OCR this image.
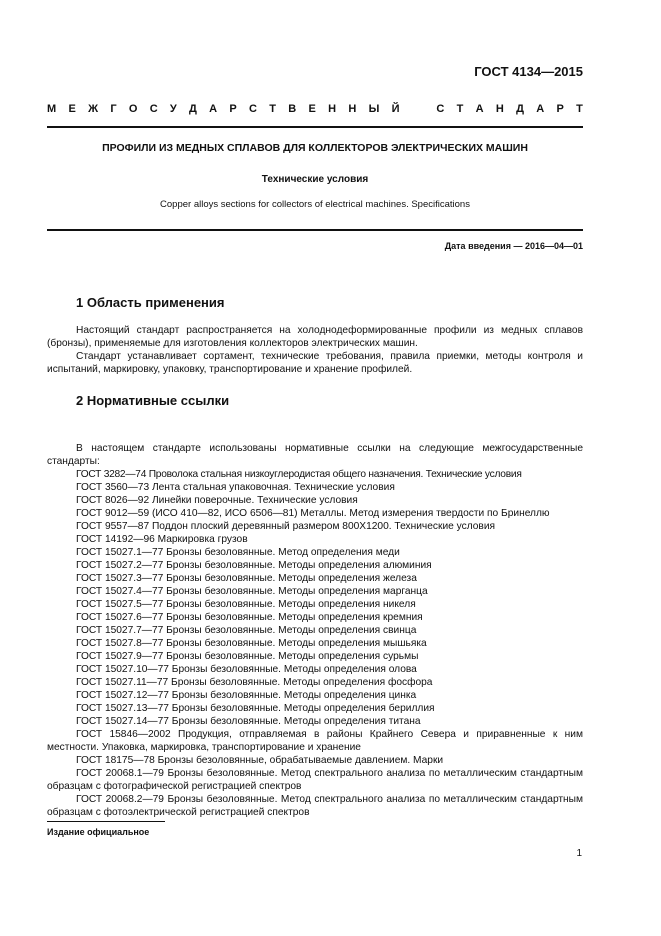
ГОСТ 4134—2015
М Е Ж Г О С У Д А Р С Т В Е Н Н Ы Й	С Т А Н Д А Р Т
ПРОФИЛИ ИЗ МЕДНЫХ СПЛАВОВ ДЛЯ КОЛЛЕКТОРОВ ЭЛЕКТРИЧЕСКИХ МАШИН
Технические условия
Copper alloys sections for collectors of electrical machines. Specifications
Дата введения — 2016—04—01
1 Область применения

Настоящий стандарт распространяется на холоднодеформированные профили из медных сплавов (бронзы), применяемые для изготовления коллекторов электрических машин.

Стандарт устанавливает сортамент, технические требования, правила приемки, методы контроля и испытаний, маркировку, упаковку, транспортирование и хранение профилей.

2 Нормативные ссылки

В настоящем стандарте использованы нормативные ссылки на следующие межгосударственные стандарты:

ГОСТ 3282—74 Проволока стальная низкоуглеродистая общего назначения. Технические условия

ГОСТ 3560—73 Лента стальная упаковочная. Технические условия

ГОСТ 8026—92 Линейки поверочные. Технические условия

ГОСТ 9012—59 (ИСО 410—82, ИСО 6506—81) Металлы. Метод измерения твердости по Бринеллю

ГОСТ 9557—87 Поддон плоский деревянный размером 800Х1200. Технические условия

ГОСТ 14192—96 Маркировка грузов

ГОСТ 15027.1—77 Бронзы безоловянные. Метод определения меди

ГОСТ 15027.2—77 Бронзы безоловянные. Методы определения алюминия

ГОСТ 15027.3—77 Бронзы безоловянные. Методы определения железа

ГОСТ 15027.4—77 Бронзы безоловянные. Методы определения марганца

ГОСТ 15027.5—77 Бронзы безоловянные. Методы определения никеля

ГОСТ 15027.6—77 Бронзы безоловянные. Методы определения кремния

ГОСТ 15027.7—77 Бронзы безоловянные. Методы определения свинца

ГОСТ 15027.8—77 Бронзы безоловянные. Методы определения мышьяка

ГОСТ 15027.9—77 Бронзы безоловянные. Методы определения сурьмы

ГОСТ 15027.10—77 Бронзы безоловянные. Методы определения олова

ГОСТ 15027.11—77 Бронзы безоловянные. Методы определения фосфора

ГОСТ 15027.12—77 Бронзы безоловянные. Методы определения цинка

ГОСТ 15027.13—77 Бронзы безоловянные. Методы определения бериллия

ГОСТ 15027.14—77 Бронзы безоловянные. Методы определения титана

ГОСТ 15846—2002 Продукция, отправляемая в районы Крайнего Севера и приравненные к ним местности. Упаковка, маркировка, транспортирование и хранение

ГОСТ 18175—78 Бронзы безоловянные, обрабатываемые давлением. Марки

ГОСТ 20068.1—79 Бронзы безоловянные. Метод спектрального анализа по металлическим стандартным образцам с фотографической регистрацией спектров

ГОСТ 20068.2—79 Бронзы безоловянные. Метод спектрального анализа по металлическим стандартным образцам с фотоэлектрической регистрацией спектров

Издание официальное
1
